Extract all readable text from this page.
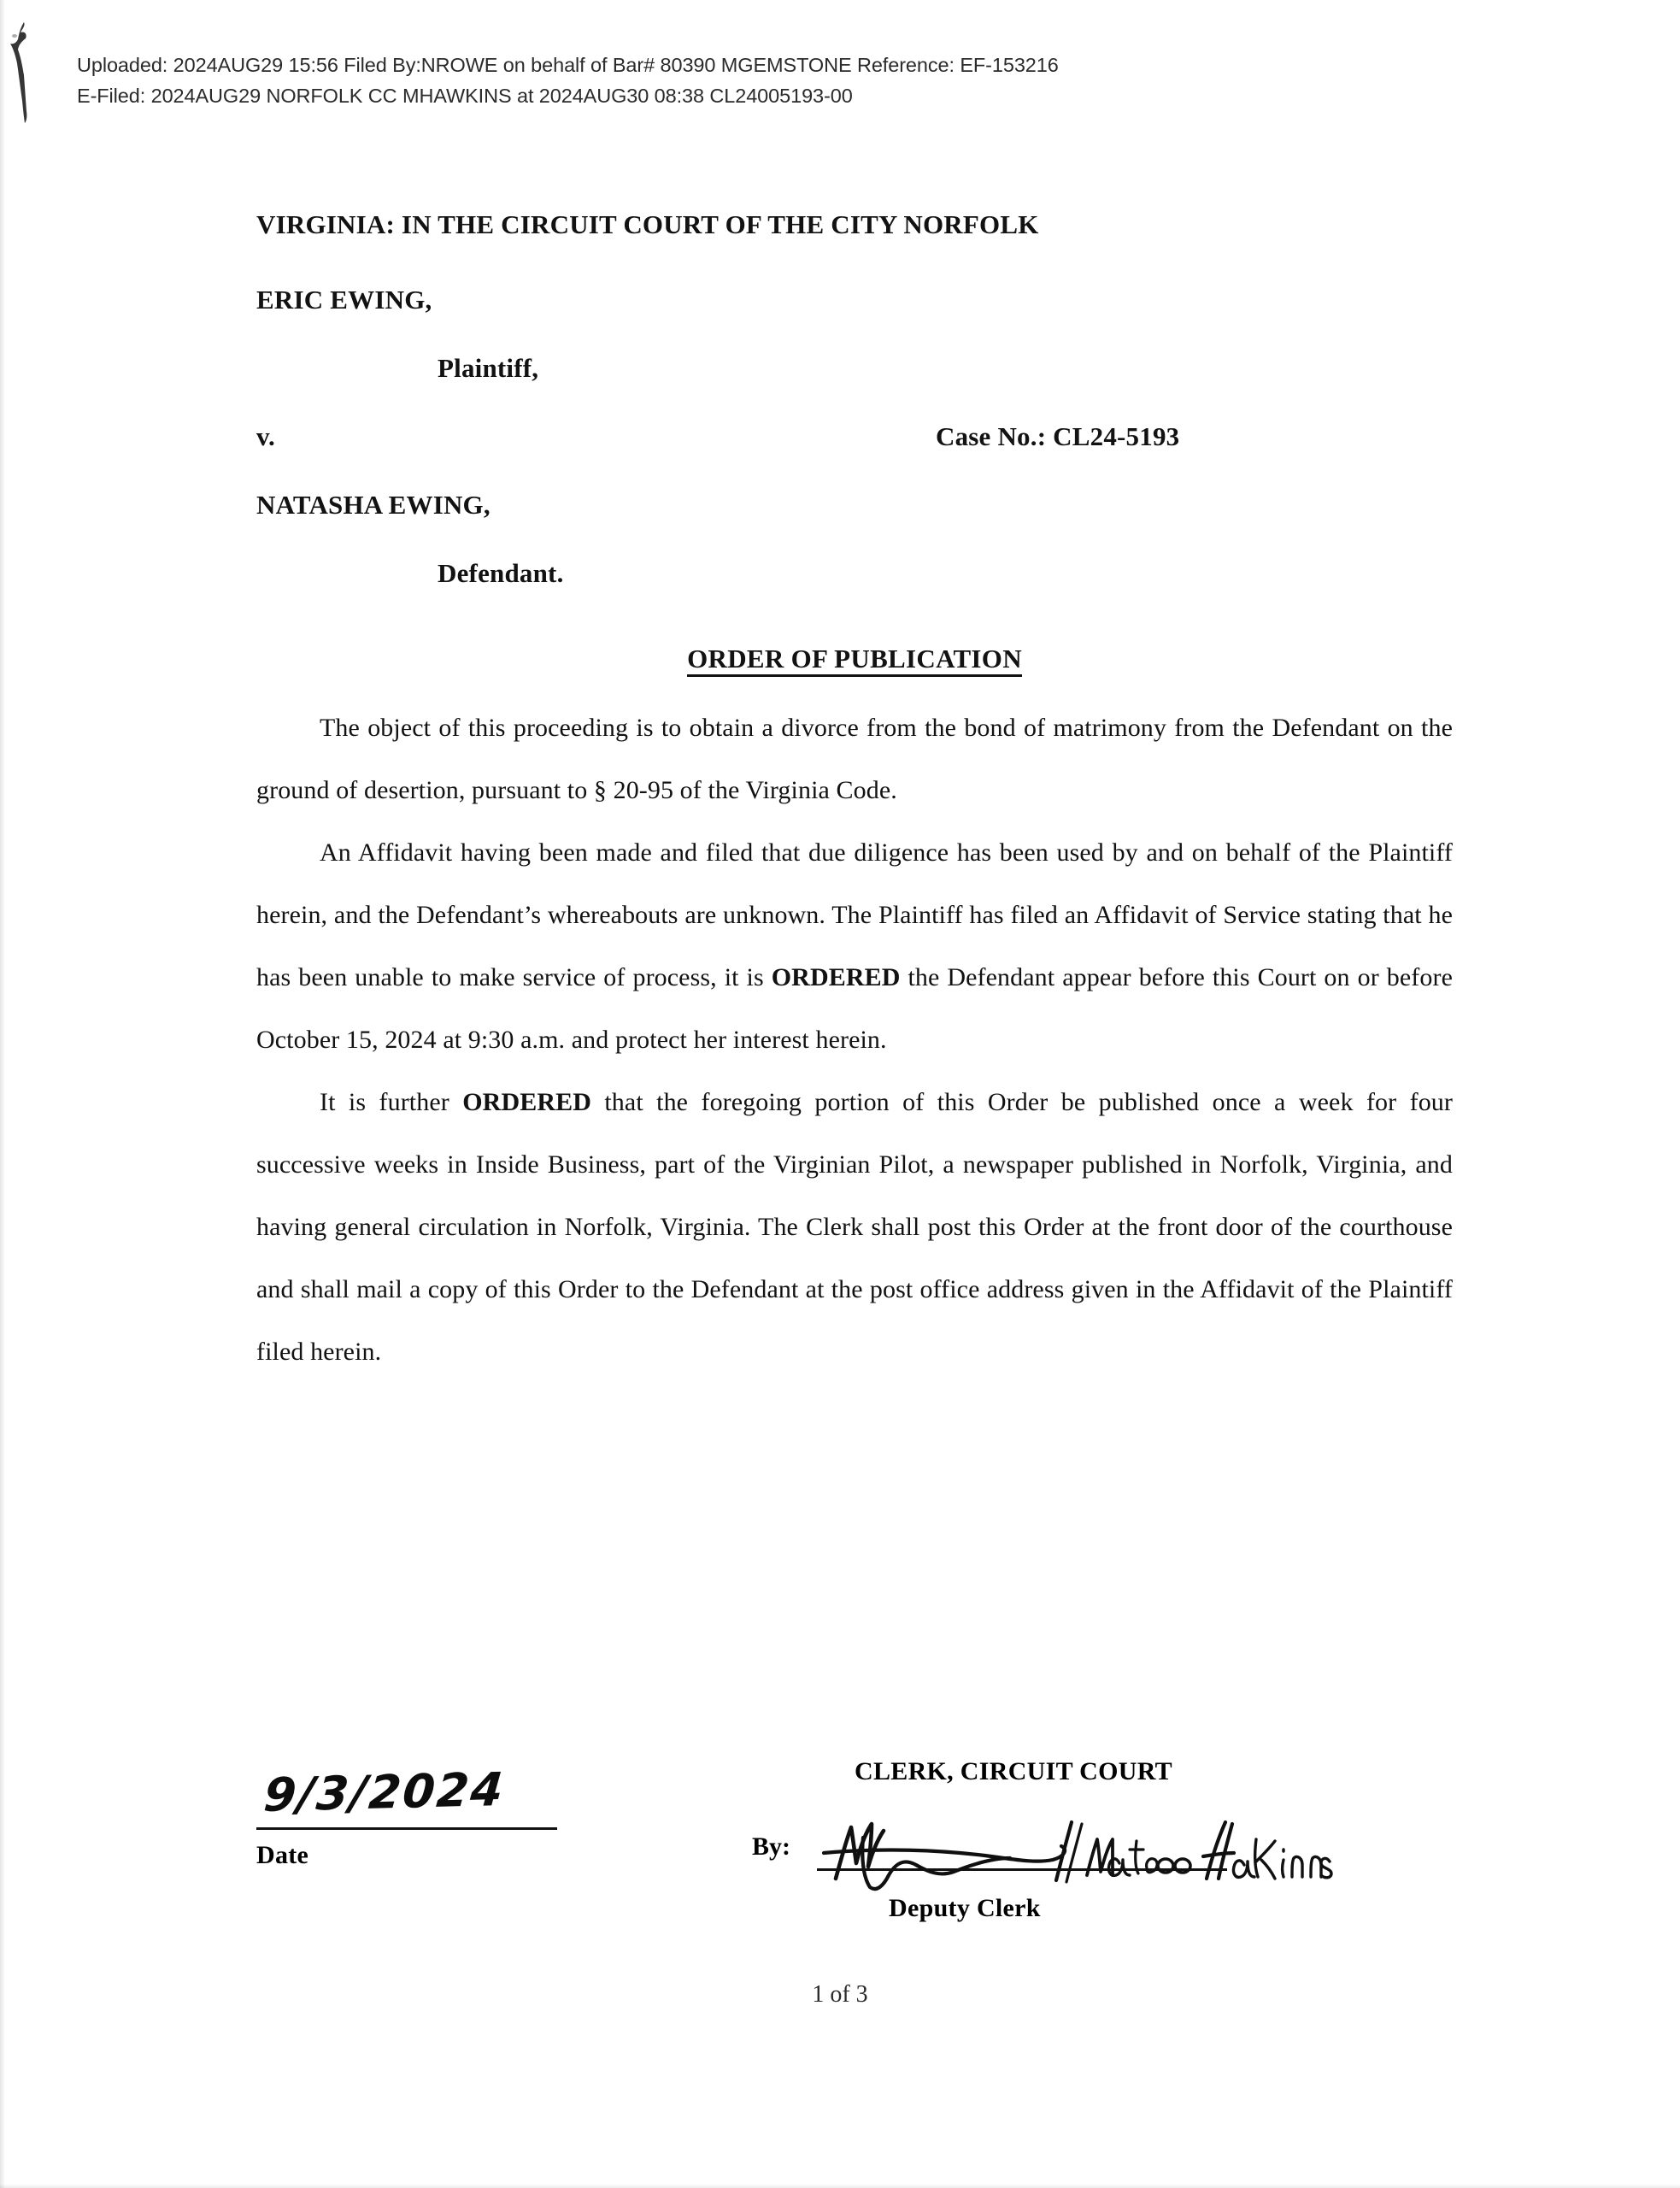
Uploaded: 2024AUG29 15:56 Filed By:NROWE on behalf of Bar# 80390 MGEMSTONE Reference: EF-153216
E-Filed: 2024AUG29 NORFOLK CC MHAWKINS at 2024AUG30 08:38 CL24005193-00
VIRGINIA: IN THE CIRCUIT COURT OF THE CITY NORFOLK
ERIC EWING,
Plaintiff,
v.	Case No.: CL24-5193
NATASHA EWING,
Defendant.
ORDER OF PUBLICATION

The object of this proceeding is to obtain a divorce from the bond of matrimony from the Defendant on the ground of desertion, pursuant to § 20-95 of the Virginia Code.

An Affidavit having been made and filed that due diligence has been used by and on behalf of the Plaintiff herein, and the Defendant’s whereabouts are unknown. The Plaintiff has filed an Affidavit of Service stating that he has been unable to make service of process, it is ORDERED the Defendant appear before this Court on or before October 15, 2024 at 9:30 a.m. and protect her interest herein.

It is further ORDERED that the foregoing portion of this Order be published once a week for four successive weeks in Inside Business, part of the Virginian Pilot, a newspaper published in Norfolk, Virginia, and having general circulation in Norfolk, Virginia. The Clerk shall post this Order at the front door of the courthouse and shall mail a copy of this Order to the Defendant at the post office address given in the Affidavit of the Plaintiff filed herein.

9/3/2024
Date
CLERK, CIRCUIT COURT
By:
Deputy Clerk
1 of 3
